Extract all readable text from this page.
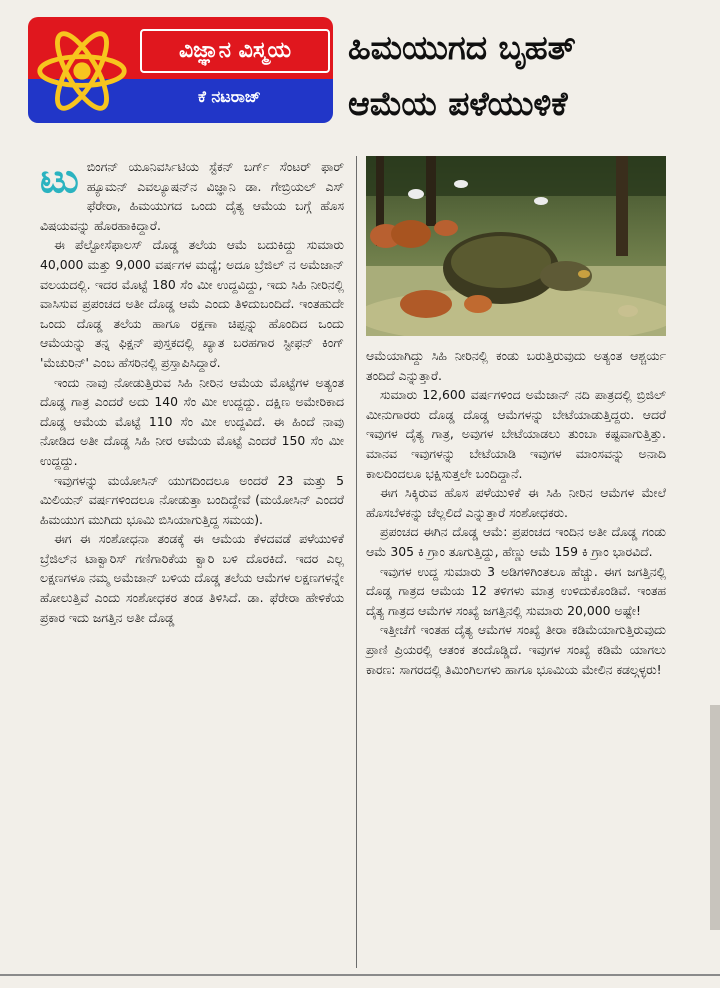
ವಿಜ್ಞಾನ ವಿಸ್ಮಯ
ಕೆ ನಟರಾಜ್
ಹಿಮಯುಗದ ಬೃಹತ್
ಆಮೆಯ ಪಳೆಯುಳಿಕೆ

ಟುಬಿಂಗನ್ ಯೂನಿವರ್ಸಿಟಿಯ ಸ್ಟೆಕನ್ ಬರ್ಗ್ ಸೆಂಟರ್ ಫಾರ್ ಹ್ಯೂಮನ್ ಎವಲ್ಯೂಷನ್‌ನ ವಿಜ್ಞಾನಿ ಡಾ. ಗೇಬ್ರಿಯಲ್ ಎಸ್ ಫೆರೇರಾ, ಹಿಮಯುಗದ ಒಂದು ದೈತ್ಯ ಆಮೆಯ ಬಗ್ಗೆ ಹೊಸ ವಿಷಯವನ್ನು ಹೊರಹಾಕಿದ್ದಾರೆ.

ಈ ಪೆಲ್ಟೋಸೆಫಾಲಸ್ ದೊಡ್ಡ ತಲೆಯ ಆಮೆ ಬದುಕಿದ್ದು ಸುಮಾರು 40,000 ಮತ್ತು 9,000 ವರ್ಷಗಳ ಮಧ್ಯೆ; ಅದೂ ಬ್ರೆಜಿಲ್ ನ ಅಮೆಜಾನ್ ವಲಯದಲ್ಲಿ. ಇದರ ಮೊಟ್ಟೆ 180 ಸೆಂ ಮೀ ಉದ್ದವಿದ್ದು, ಇದು ಸಿಹಿ ನೀರಿನಲ್ಲಿ ವಾಸಿಸುವ ಪ್ರಪಂಚದ ಅತೀ ದೊಡ್ಡ ಆಮೆ ಎಂದು ತಿಳಿದುಬಂದಿದೆ. ಇಂತಹುದೇ ಒಂದು ದೊಡ್ಡ ತಲೆಯ ಹಾಗೂ ರಕ್ಷಣಾ ಚಿಪ್ಪನ್ನು ಹೊಂದಿದ ಒಂದು ಆಮೆಯನ್ನು ತನ್ನ ಫಿಕ್ಷನ್ ಪುಸ್ತಕದಲ್ಲಿ ಖ್ಯಾತ ಬರಹಗಾರ ಸ್ಟೀಫನ್ ಕಿಂಗ್ 'ಮೆಚುರಿನ್' ಎಂಬ ಹೆಸರಿನಲ್ಲಿ ಪ್ರಸ್ತಾಪಿಸಿದ್ದಾರೆ.

ಇಂದು ನಾವು ನೋಡುತ್ತಿರುವ ಸಿಹಿ ನೀರಿನ ಆಮೆಯ ಮೊಟ್ಟೆಗಳ ಅತ್ಯಂತ ದೊಡ್ಡ ಗಾತ್ರ ಎಂದರೆ ಅದು 140 ಸೆಂ ಮೀ ಉದ್ದದ್ದು. ದಕ್ಷಿಣ ಅಮೇರಿಕಾದ ದೊಡ್ಡ ಆಮೆಯ ಮೊಟ್ಟೆ 110 ಸೆಂ ಮೀ ಉದ್ದವಿದೆ. ಈ ಹಿಂದೆ ನಾವು ನೋಡಿದ ಅತೀ ದೊಡ್ಡ ಸಿಹಿ ನೀರ ಆಮೆಯ ಮೊಟ್ಟೆ ಎಂದರೆ 150 ಸೆಂ ಮೀ ಉದ್ದದ್ದು.

ಇವುಗಳನ್ನು ಮಯೋಸಿನ್ ಯುಗದಿಂದಲೂ ಅಂದರೆ 23 ಮತ್ತು 5 ಮಿಲಿಯನ್ ವರ್ಷಗಳಿಂದಲೂ ನೋಡುತ್ತಾ ಬಂದಿದ್ದೇವೆ (ಮಯೋಸಿನ್ ಎಂದರೆ ಹಿಮಯುಗ ಮುಗಿದು ಭೂಮಿ ಬಿಸಿಯಾಗುತ್ತಿದ್ದ ಸಮಯ).

ಈಗ ಈ ಸಂಶೋಧನಾ ತಂಡಕ್ಕೆ ಈ ಆಮೆಯ ಕೆಳದವಡೆ ಪಳೆಯುಳಿಕೆ ಬ್ರೆಜಿಲ್‌ನ ಟಾಕ್ವಾರಿಸ್ ಗಣಿಗಾರಿಕೆಯ ಕ್ವಾರಿ ಬಳಿ ದೊರಕಿದೆ. ಇದರ ಎಲ್ಲ ಲಕ್ಷಣಗಳೂ ನಮ್ಮ ಅಮೆಜಾನ್ ಬಳಿಯ ದೊಡ್ಡ ತಲೆಯ ಆಮೆಗಳ ಲಕ್ಷಣಗಳನ್ನೇ ಹೋಲುತ್ತಿವೆ ಎಂದು ಸಂಶೋಧಕರ ತಂಡ ತಿಳಿಸಿದೆ. ಡಾ. ಫೆರೇರಾ ಹೇಳಿಕೆಯ ಪ್ರಕಾರ ಇದು ಜಗತ್ತಿನ ಅತೀ ದೊಡ್ಡ

ಆಮೆಯಾಗಿದ್ದು ಸಿಹಿ ನೀರಿನಲ್ಲಿ ಕಂಡು ಬರುತ್ತಿರುವುದು ಅತ್ಯಂತ ಆಶ್ಚರ್ಯ ತಂದಿದೆ ಎನ್ನುತ್ತಾರೆ.

ಸುಮಾರು 12,600 ವರ್ಷಗಳಿಂದ ಅಮೆಜಾನ್ ನದಿ ಪಾತ್ರದಲ್ಲಿ ಬ್ರಿಜಿಲ್ ಮೀನುಗಾರರು ದೊಡ್ಡ ದೊಡ್ಡ ಆಮೆಗಳನ್ನು ಬೇಟೆಯಾಡುತ್ತಿದ್ದರು. ಆದರೆ ಇವುಗಳ ದೈತ್ಯ ಗಾತ್ರ, ಅವುಗಳ ಬೇಟೆಯಾಡಲು ತುಂಬಾ ಕಷ್ಟವಾಗುತ್ತಿತ್ತು. ಮಾನವ ಇವುಗಳನ್ನು ಬೇಟೆಯಾಡಿ ಇವುಗಳ ಮಾಂಸವನ್ನು ಅನಾದಿ ಕಾಲದಿಂದಲೂ ಭಕ್ಷಿಸುತ್ತಲೇ ಬಂದಿದ್ದಾನೆ.

ಈಗ ಸಿಕ್ಕಿರುವ ಹೊಸ ಪಳೆಯುಳಿಕೆ ಈ ಸಿಹಿ ನೀರಿನ ಆಮೆಗಳ ಮೇಲೆ ಹೊಸಬೆಳಕನ್ನು ಚೆಲ್ಲಲಿದೆ ಎನ್ನುತ್ತಾರೆ ಸಂಶೋಧಕರು.

ಪ್ರಪಂಚದ ಈಗಿನ ದೊಡ್ಡ ಆಮೆ: ಪ್ರಪಂಚದ ಇಂದಿನ ಅತೀ ದೊಡ್ಡ ಗಂಡು ಆಮೆ 305 ಕಿ ಗ್ರಾಂ ತೂಗುತ್ತಿದ್ದು, ಹೆಣ್ಣು ಆಮೆ 159 ಕಿ ಗ್ರಾಂ ಭಾರವಿದೆ.

ಇವುಗಳ ಉದ್ದ ಸುಮಾರು 3 ಅಡಿಗಳಿಗಿಂತಲೂ ಹೆಚ್ಚು. ಈಗ ಜಗತ್ತಿನಲ್ಲಿ ದೊಡ್ಡ ಗಾತ್ರದ ಆಮೆಯ 12 ತಳಿಗಳು ಮಾತ್ರ ಉಳಿದುಕೊಂಡಿವೆ. ಇಂತಹ ದೈತ್ಯ ಗಾತ್ರದ ಆಮೆಗಳ ಸಂಖ್ಯೆ ಜಗತ್ತಿನಲ್ಲಿ ಸುಮಾರು 20,000 ಅಷ್ಟೇ!

ಇತ್ತೀಚೆಗೆ ಇಂತಹ ದೈತ್ಯ ಆಮೆಗಳ ಸಂಖ್ಯೆ ತೀರಾ ಕಡಿಮೆಯಾಗುತ್ತಿರುವುದು ಪ್ರಾಣಿ ಪ್ರಿಯರಲ್ಲಿ ಆತಂಕ ತಂದೊಡ್ಡಿದೆ. ಇವುಗಳ ಸಂಖ್ಯೆ ಕಡಿಮೆ ಯಾಗಲು ಕಾರಣ: ಸಾಗರದಲ್ಲಿ ತಿಮಿಂಗಿಲಗಳು ಹಾಗೂ ಭೂಮಿಯ ಮೇಲಿನ ಕಡಲ್ಗಳ್ಳರು!
